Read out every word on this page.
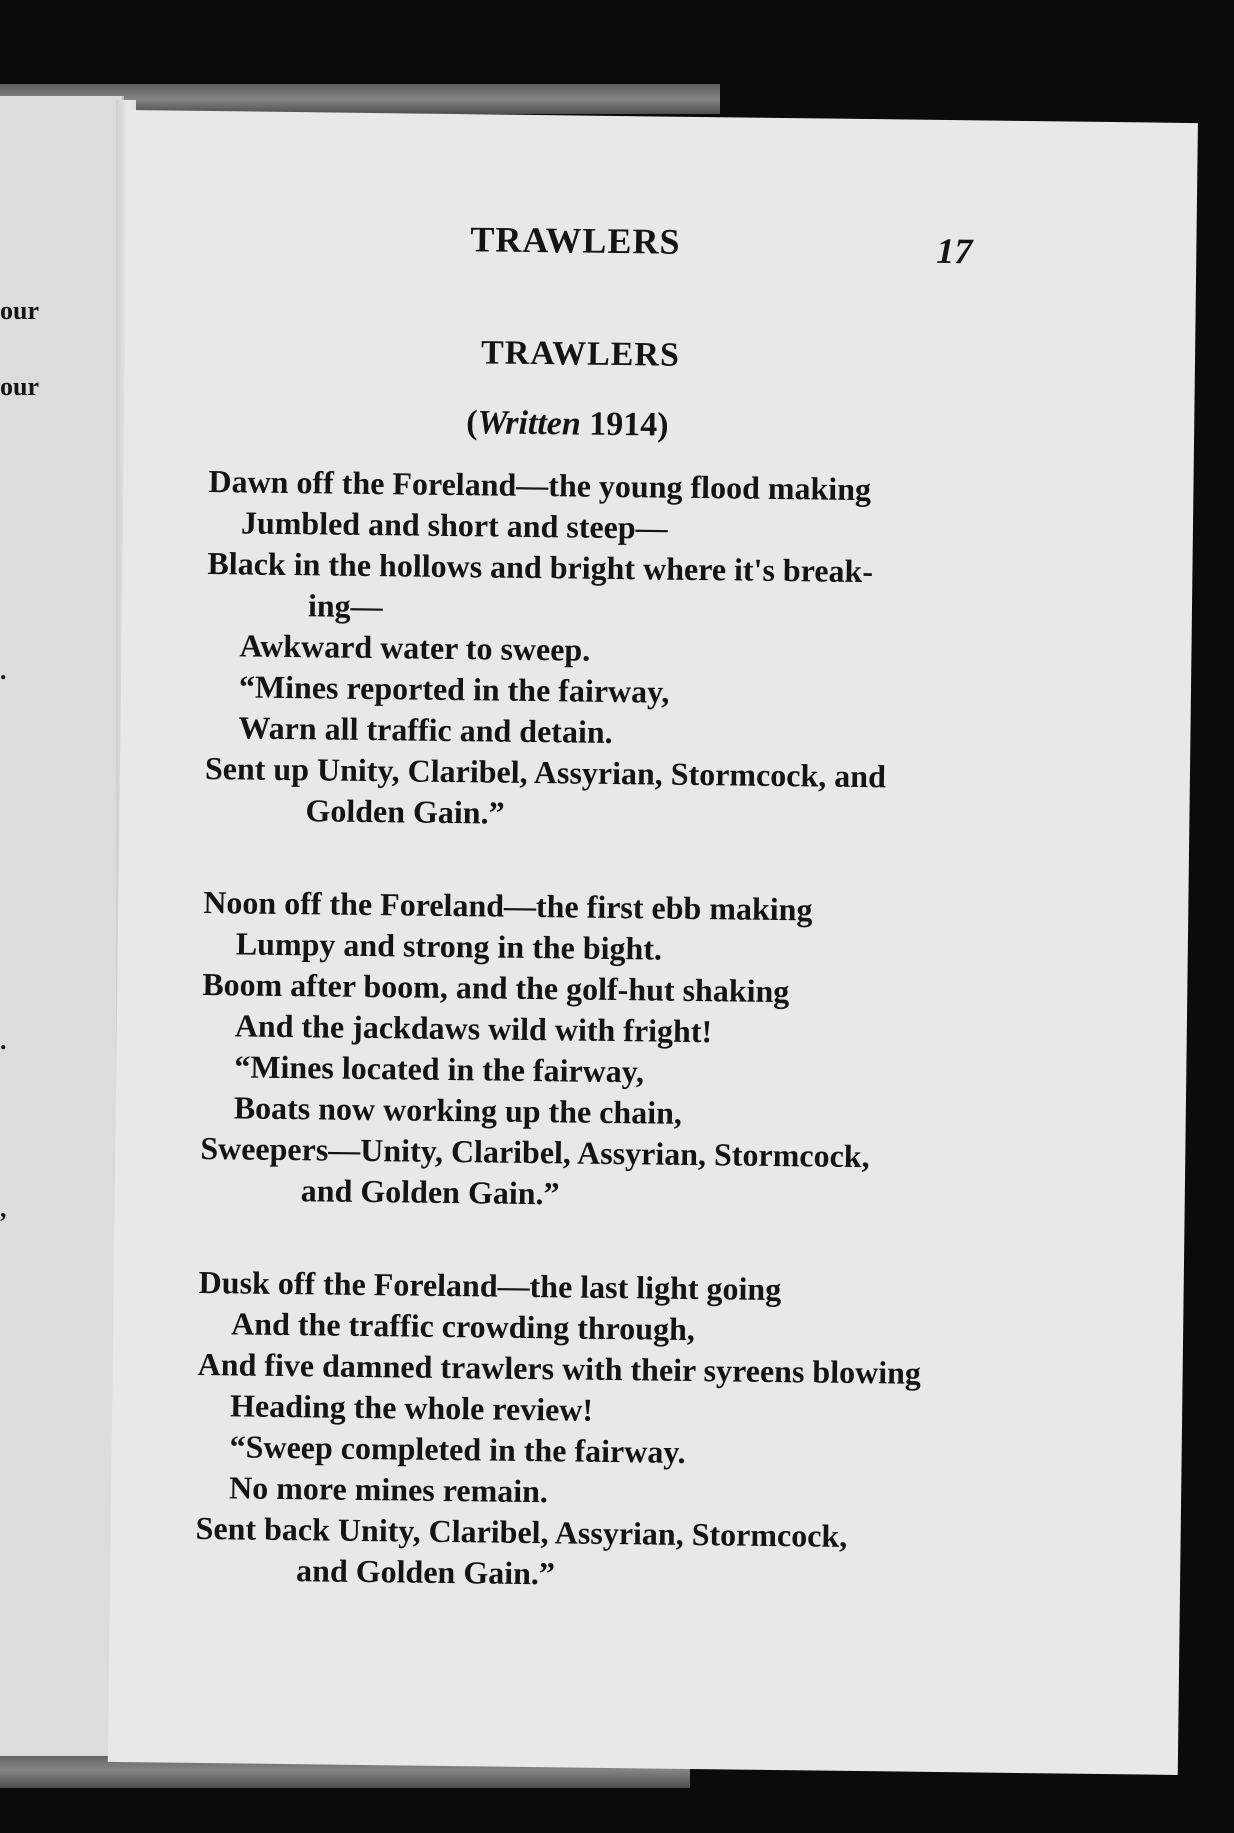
our
our
.
.
,
TRAWLERS	17
TRAWLERS
(Written 1914)
Dawn off the Foreland—the young flood making
Jumbled and short and steep—
Black in the hollows and bright where it's break-
ing—
Awkward water to sweep.
“Mines reported in the fairway,
Warn all traffic and detain.
Sent up Unity, Claribel, Assyrian, Stormcock, and
Golden Gain.”
Noon off the Foreland—the first ebb making
Lumpy and strong in the bight.
Boom after boom, and the golf-hut shaking
And the jackdaws wild with fright!
“Mines located in the fairway,
Boats now working up the chain,
Sweepers—Unity, Claribel, Assyrian, Stormcock,
and Golden Gain.”
Dusk off the Foreland—the last light going
And the traffic crowding through,
And five damned trawlers with their syreens blowing
Heading the whole review!
“Sweep completed in the fairway.
No more mines remain.
Sent back Unity, Claribel, Assyrian, Stormcock,
and Golden Gain.”
